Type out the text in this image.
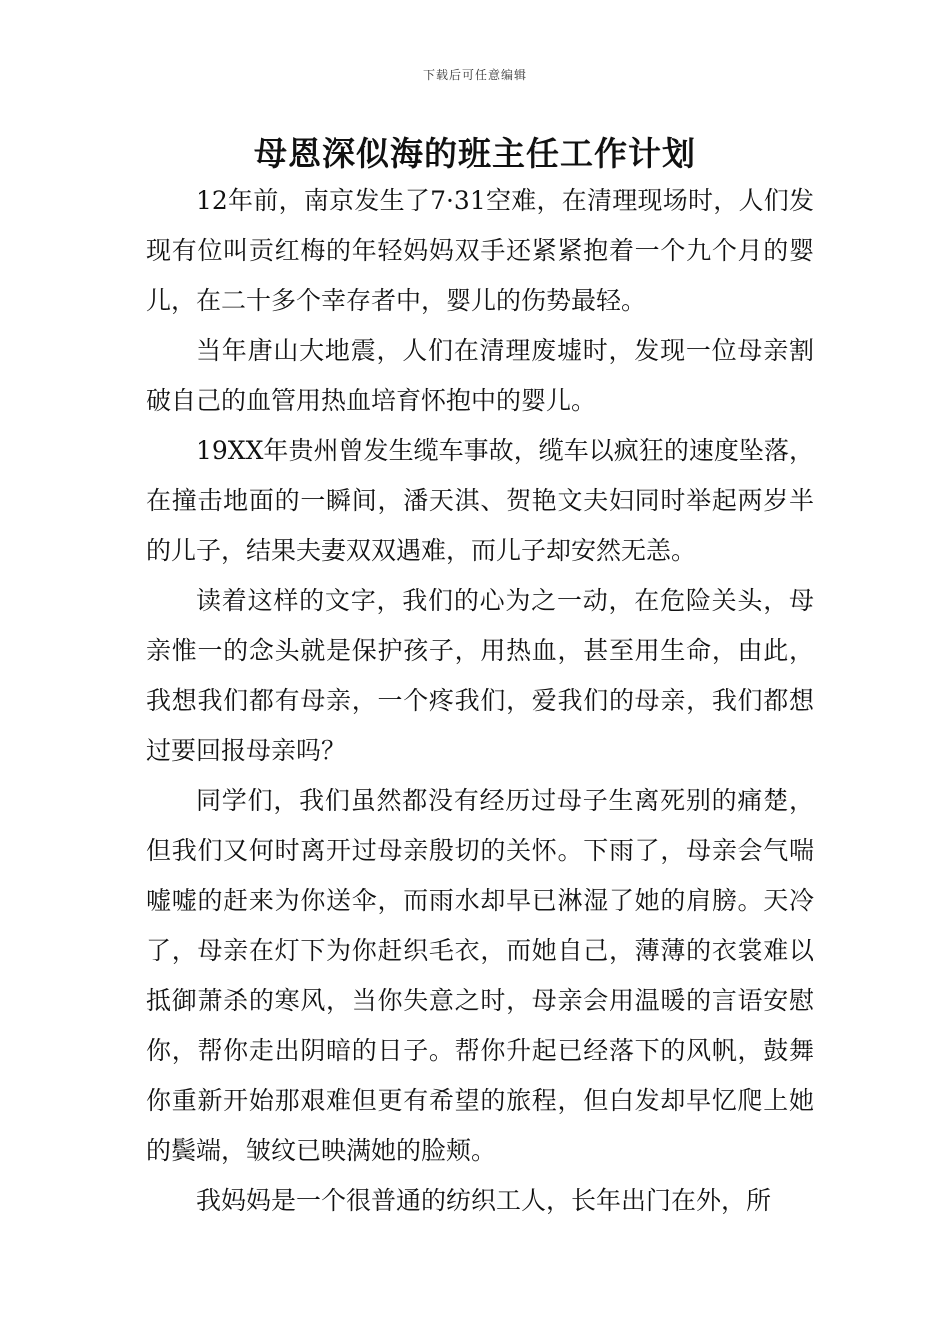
下载后可任意编辑
母恩深似海的班主任工作计划

12年前，南京发生了7·31空难，在清理现场时，人们发现有位叫贡红梅的年轻妈妈双手还紧紧抱着一个九个月的婴儿，在二十多个幸存者中，婴儿的伤势最轻。

当年唐山大地震，人们在清理废墟时，发现一位母亲割破自己的血管用热血培育怀抱中的婴儿。

19XX年贵州曾发生缆车事故，缆车以疯狂的速度坠落，在撞击地面的一瞬间，潘天淇、贺艳文夫妇同时举起两岁半的儿子，结果夫妻双双遇难，而儿子却安然无恙。

读着这样的文字，我们的心为之一动，在危险关头，母亲惟一的念头就是保护孩子，用热血，甚至用生命，由此，我想我们都有母亲，一个疼我们，爱我们的母亲，我们都想过要回报母亲吗？

同学们，我们虽然都没有经历过母子生离死别的痛楚，但我们又何时离开过母亲殷切的关怀。下雨了，母亲会气喘嘘嘘的赶来为你送伞，而雨水却早已淋湿了她的肩膀。天冷了，母亲在灯下为你赶织毛衣，而她自己，薄薄的衣裳难以抵御萧杀的寒风，当你失意之时，母亲会用温暖的言语安慰你，帮你走出阴暗的日子。帮你升起已经落下的风帆，鼓舞你重新开始那艰难但更有希望的旅程，但白发却早忆爬上她的鬓端，皱纹已映满她的脸颊。

我妈妈是一个很普通的纺织工人，长年出门在外，所
